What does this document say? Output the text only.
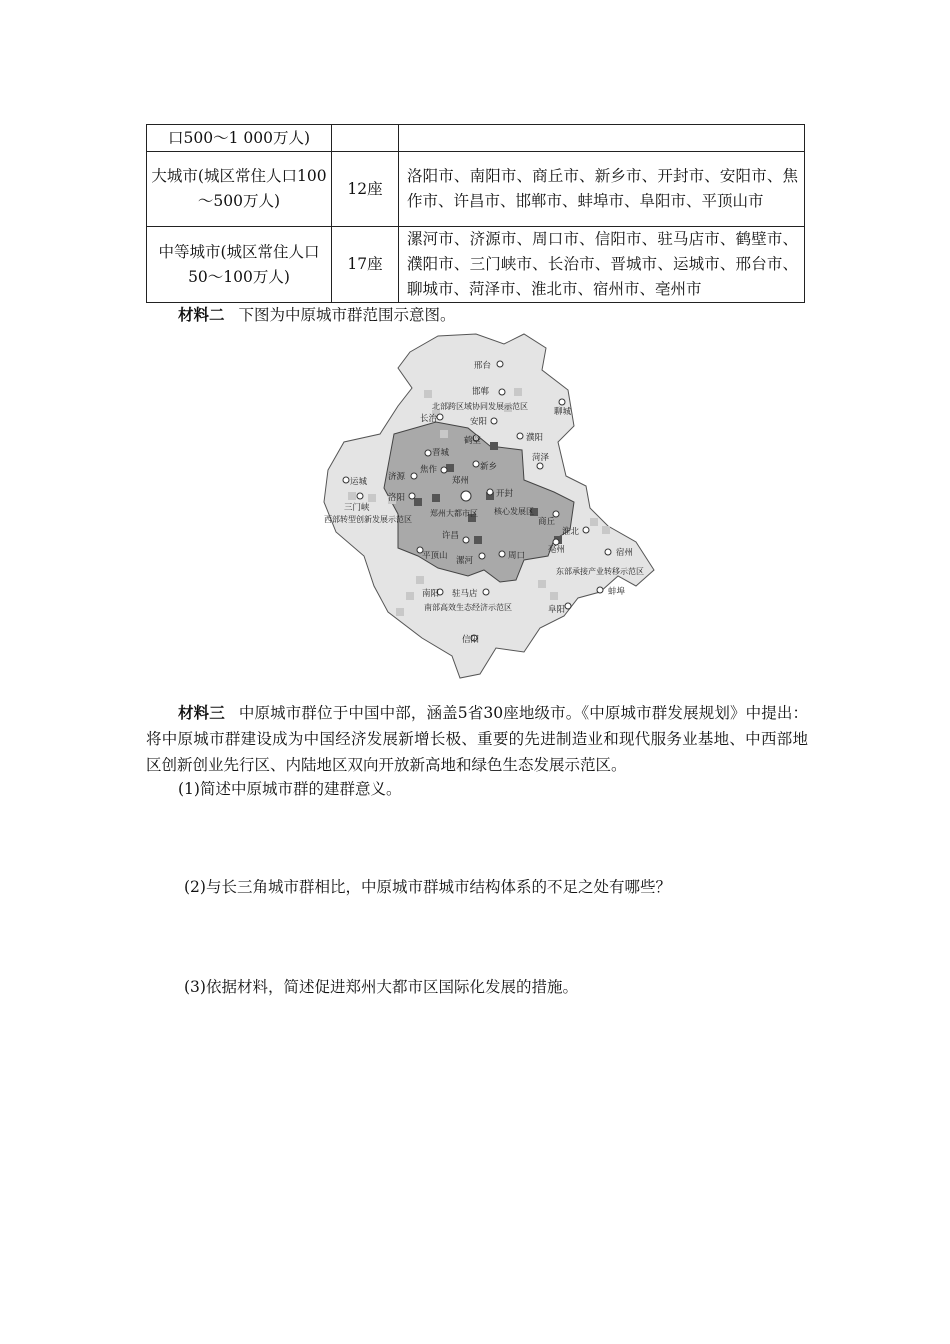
口500～1 000万人)		
大城市(城区常住人口100～500万人)	12座	洛阳市、南阳市、商丘市、新乡市、开封市、安阳市、焦作市、许昌市、邯郸市、蚌埠市、阜阳市、平顶山市
中等城市(城区常住人口50～100万人)	17座	漯河市、济源市、周口市、信阳市、驻马店市、鹤壁市、濮阳市、三门峡市、长治市、晋城市、运城市、邢台市、聊城市、菏泽市、淮北市、宿州市、亳州市
材料二 下图为中原城市群范围示意图。
邢台
邯郸
聊城
长治	安阳
鹤壁	濮阳
晋城
新乡
菏泽
运城 济源
焦作
郑州
开封
三门峡
洛阳
商丘
淮北
许昌
周口
平顶山 漯河
亳州	宿州
南阳 驻马店	蚌埠
阜阳
信阳
北部跨区域协同发展示范区
西部转型创新发展示范区
郑州大都市区 核心发展区
东部承接产业转移示范区
南部高效生态经济示范区
材料三 中原城市群位于中国中部，涵盖5省30座地级市。《中原城市群发展规划》中提出：将中原城市群建设成为中国经济发展新增长极、重要的先进制造业和现代服务业基地、中西部地区创新创业先行区、内陆地区双向开放新高地和绿色生态发展示范区。
(1)简述中原城市群的建群意义。
(2)与长三角城市群相比，中原城市群城市结构体系的不足之处有哪些？
(3)依据材料，简述促进郑州大都市区国际化发展的措施。
